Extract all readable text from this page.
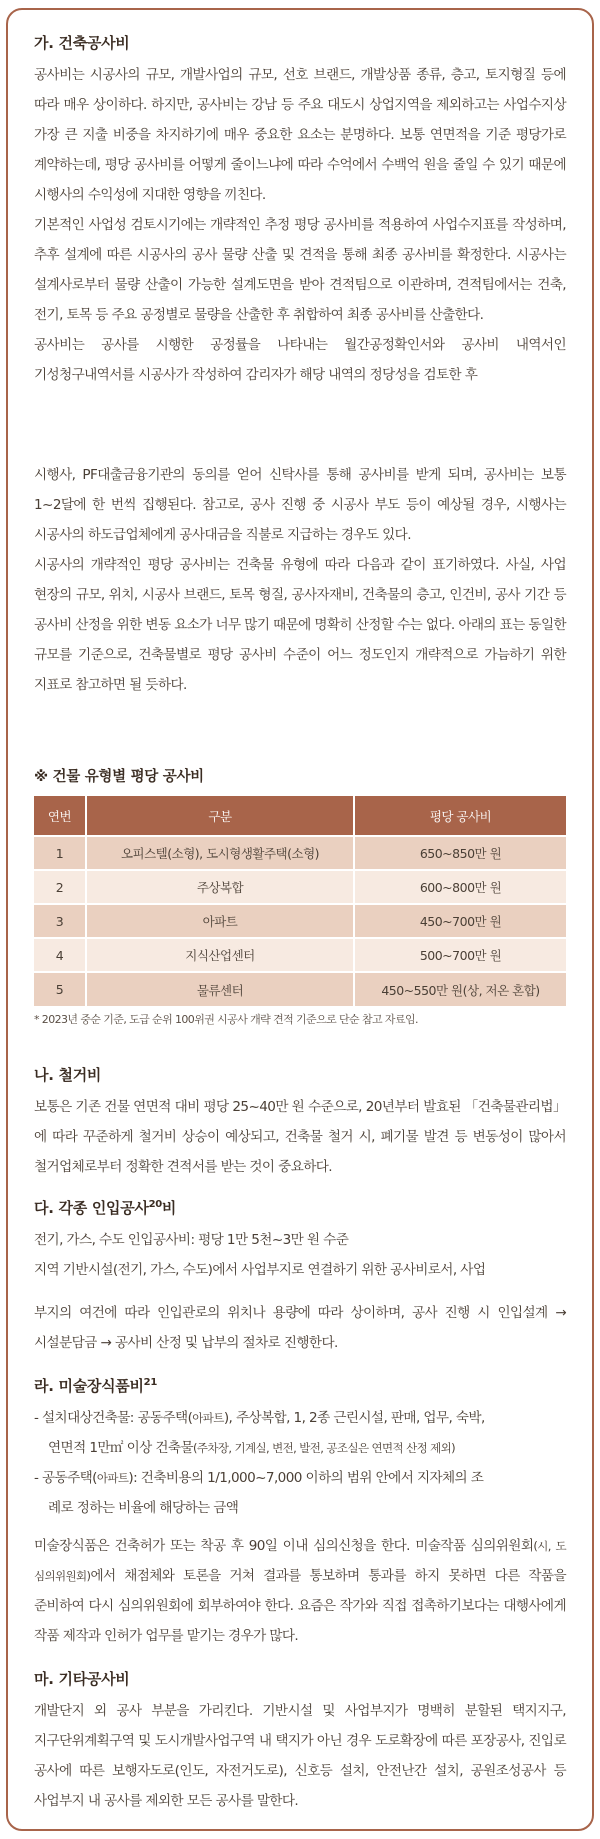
가. 건축공사비
공사비는 시공사의 규모, 개발사업의 규모, 선호 브랜드, 개발상품 종류, 층고, 토지형질 등에 따라 매우 상이하다. 하지만, 공사비는 강남 등 주요 대도시 상업지역을 제외하고는 사업수지상 가장 큰 지출 비중을 차지하기에 매우 중요한 요소는 분명하다. 보통 연면적을 기준 평당가로 계약하는데, 평당 공사비를 어떻게 줄이느냐에 따라 수억에서 수백억 원을 줄일 수 있기 때문에 시행사의 수익성에 지대한 영향을 끼친다.
기본적인 사업성 검토시기에는 개략적인 추정 평당 공사비를 적용하여 사업수지표를 작성하며,추후 설계에 따른 시공사의 공사 물량 산출 및 견적을 통해 최종 공사비를 확정한다. 시공사는 설계사로부터 물량 산출이 가능한 설계도면을 받아 견적팀으로 이관하며, 견적팀에서는 건축, 전기, 토목 등 주요 공정별로 물량을 산출한 후 취합하여 최종 공사비를 산출한다.
공사비는 공사를 시행한 공정률을 나타내는 월간공정확인서와 공사비 내역서인 기성청구내역서를 시공사가 작성하여 감리자가 해당 내역의 정당성을 검토한 후
시행사, PF대출금융기관의 동의를 얻어 신탁사를 통해 공사비를 받게 되며, 공사비는 보통 1~2달에 한 번씩 집행된다. 참고로, 공사 진행 중 시공사 부도 등이 예상될 경우, 시행사는 시공사의 하도급업체에게 공사대금을 직불로 지급하는 경우도 있다.
시공사의 개략적인 평당 공사비는 건축물 유형에 따라 다음과 같이 표기하였다. 사실, 사업 현장의 규모, 위치, 시공사 브랜드, 토목 형질, 공사자재비, 건축물의 층고, 인건비, 공사 기간 등 공사비 산정을 위한 변동 요소가 너무 많기 때문에 명확히 산정할 수는 없다. 아래의 표는 동일한 규모를 기준으로, 건축물별로 평당 공사비 수준이 어느 정도인지 개략적으로 가늠하기 위한 지표로 참고하면 될 듯하다.
※ 건물 유형별 평당 공사비
연번	구분	평당 공사비
1	오피스텔(소형), 도시형생활주택(소형)	650~850만 원
2	주상복합	600~800만 원
3	아파트	450~700만 원
4	지식산업센터	500~700만 원
5	물류센터	450~550만 원(상, 저온 혼합)
* 2023년 중순 기준, 도급 순위 100위권 시공사 개략 견적 기준으로 단순 참고 자료임.
나. 철거비
보통은 기존 건물 연면적 대비 평당 25~40만 원 수준으로, 20년부터 발효된 「건축물관리법」에 따라 꾸준하게 철거비 상승이 예상되고, 건축물 철거 시, 폐기물 발견 등 변동성이 많아서 철거업체로부터 정확한 견적서를 받는 것이 중요하다.
다. 각종 인입공사$^{20}$비
전기, 가스, 수도 인입공사비: 평당 1만 5천~3만 원 수준
지역 기반시설(전기, 가스, 수도)에서 사업부지로 연결하기 위한 공사비로서, 사업
부지의 여건에 따라 인입관로의 위치나 용량에 따라 상이하며, 공사 진행 시 인입설계 → 시설분담금 → 공사비 산정 및 납부의 절차로 진행한다.
라. 미술장식품비$^{21}$
- 설치대상건축물: 공동주택(아파트), 주상복합, 1, 2종 근린시설, 판매, 업무, 숙박,
연면적 1만㎡ 이상 건축물(주차장, 기계실, 변전, 발전, 공조실은 연면적 산정 제외)
- 공동주택(아파트): 건축비용의 1/1,000~7,000 이하의 범위 안에서 지자체의 조
례로 정하는 비율에 해당하는 금액
미술장식품은 건축허가 또는 착공 후 90일 이내 심의신청을 한다. 미술작품 심의위원회(시, 도 심의위원회)에서 채점체와 토론을 거쳐 결과를 통보하며 통과를 하지 못하면 다른 작품을 준비하여 다시 심의위원회에 회부하여야 한다. 요즘은 작가와 직접 접촉하기보다는 대행사에게 작품 제작과 인허가 업무를 맡기는 경우가 많다.
마. 기타공사비
개발단지 외 공사 부분을 가리킨다. 기반시설 및 사업부지가 명백히 분할된 택지지구, 지구단위계획구역 및 도시개발사업구역 내 택지가 아닌 경우 도로확장에 따른 포장공사, 진입로 공사에 따른 보행자도로(인도, 자전거도로), 신호등 설치, 안전난간 설치, 공원조성공사 등 사업부지 내 공사를 제외한 모든 공사를 말한다.
